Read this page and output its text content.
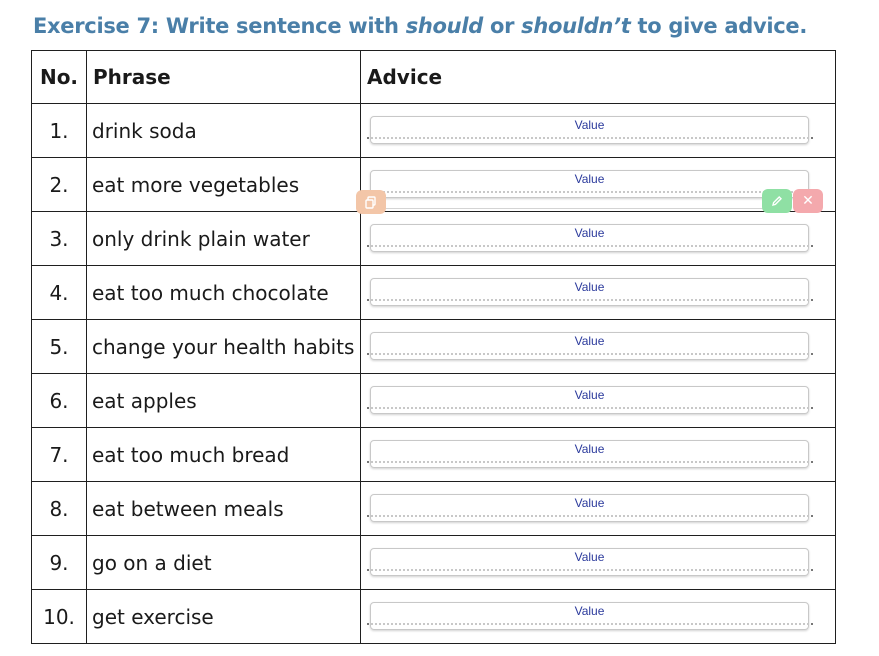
Exercise 7: Write sentence with should or shouldn’t to give advice.
No.	Phrase	Advice
1.	drink soda	Value

2.	eat more vegetables	Value

3.	only drink plain water	Value

4.	eat too much chocolate	Value

5.	change your health habits	Value

6.	eat apples	Value

7.	eat too much bread	Value

8.	eat between meals	Value

9.	go on a diet	Value

10.	get exercise	Value
✕
